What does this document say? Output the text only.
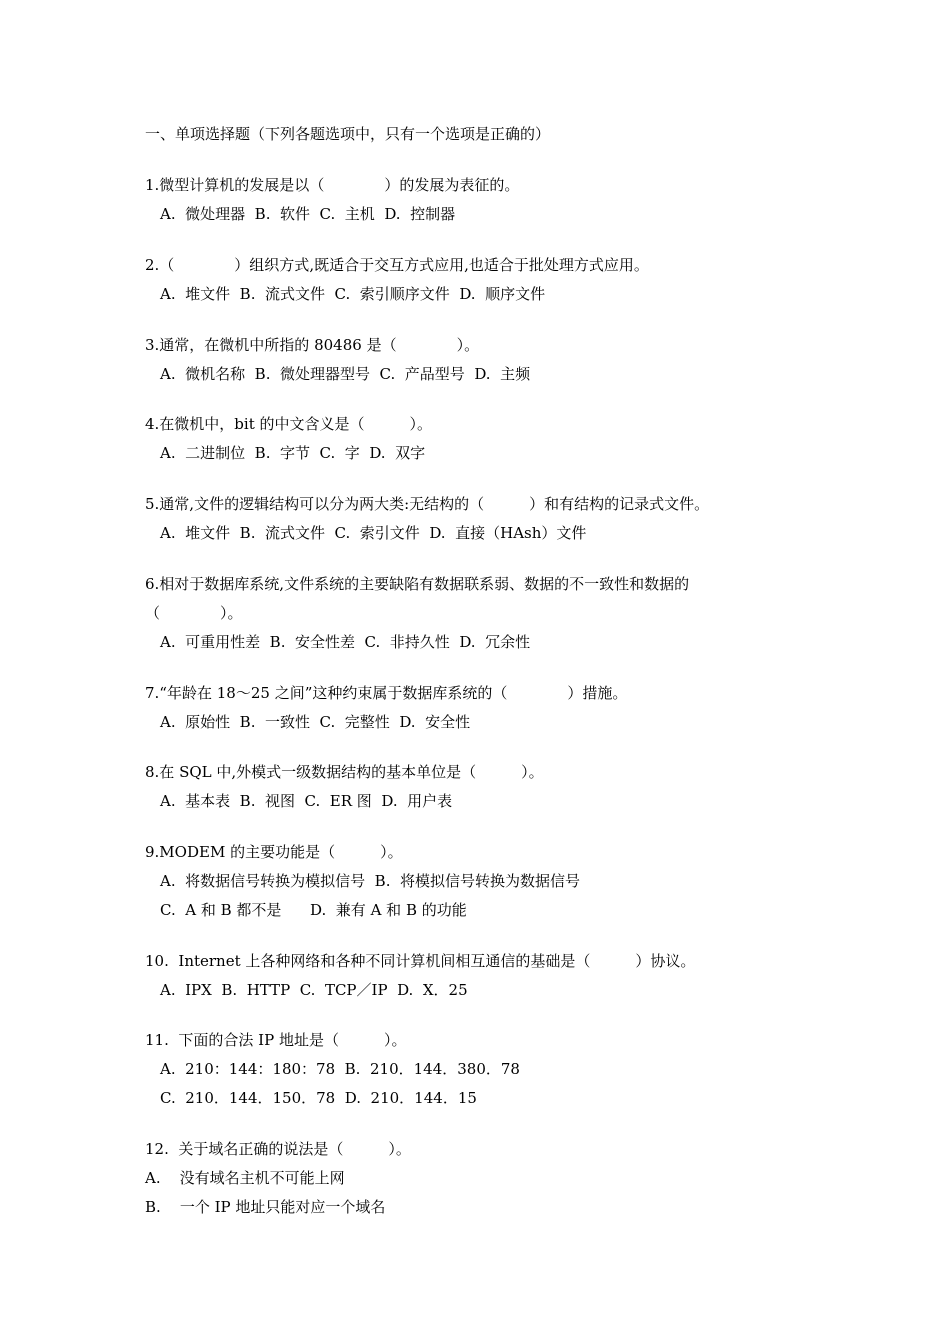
一、单项选择题（下列各题选项中，只有一个选项是正确的）
1.微型计算机的发展是以（　　　　）的发展为表征的。
A.  微处理器  B.  软件  C.  主机  D.  控制器
2.（　　　　）组织方式,既适合于交互方式应用,也适合于批处理方式应用。
A.  堆文件  B.  流式文件  C.  索引顺序文件  D.  顺序文件
3.通常，在微机中所指的 80486 是（　　　　）。
A.  微机名称  B.  微处理器型号  C.  产品型号  D.  主频
4.在微机中，bit 的中文含义是（　　　）。
A.  二进制位  B.  字节  C.  字  D.  双字
5.通常,文件的逻辑结构可以分为两大类:无结构的（　　　）和有结构的记录式文件。
A.  堆文件  B.  流式文件  C.  索引文件  D.  直接（HAsh）文件
6.相对于数据库系统,文件系统的主要缺陷有数据联系弱、数据的不一致性和数据的
（　　　　）。
A.  可重用性差  B.  安全性差  C.  非持久性  D.  冗余性
7.“年龄在 18～25 之间”这种约束属于数据库系统的（　　　　）措施。
A.  原始性  B.  一致性  C.  完整性  D.  安全性
8.在 SQL 中,外模式一级数据结构的基本单位是（　　　）。
A.  基本表  B.  视图  C.  ER 图  D.  用户表
9.MODEM 的主要功能是（　　　）。
A.  将数据信号转换为模拟信号  B.  将模拟信号转换为数据信号
C.  A 和 B 都不是      D.  兼有 A 和 B 的功能
10.  Internet 上各种网络和各种不同计算机间相互通信的基础是（　　　）协议。
A.  IPX  B.  HTTP  C.  TCP／IP  D.  X．25
11.  下面的合法 IP 地址是（　　　）。
A.  210：144：180：78  B.  210．144．380．78
C.  210．144．150．78  D.  210．144．15
12.  关于域名正确的说法是（　　　）。
A.    没有域名主机不可能上网
B.    一个 IP 地址只能对应一个域名
